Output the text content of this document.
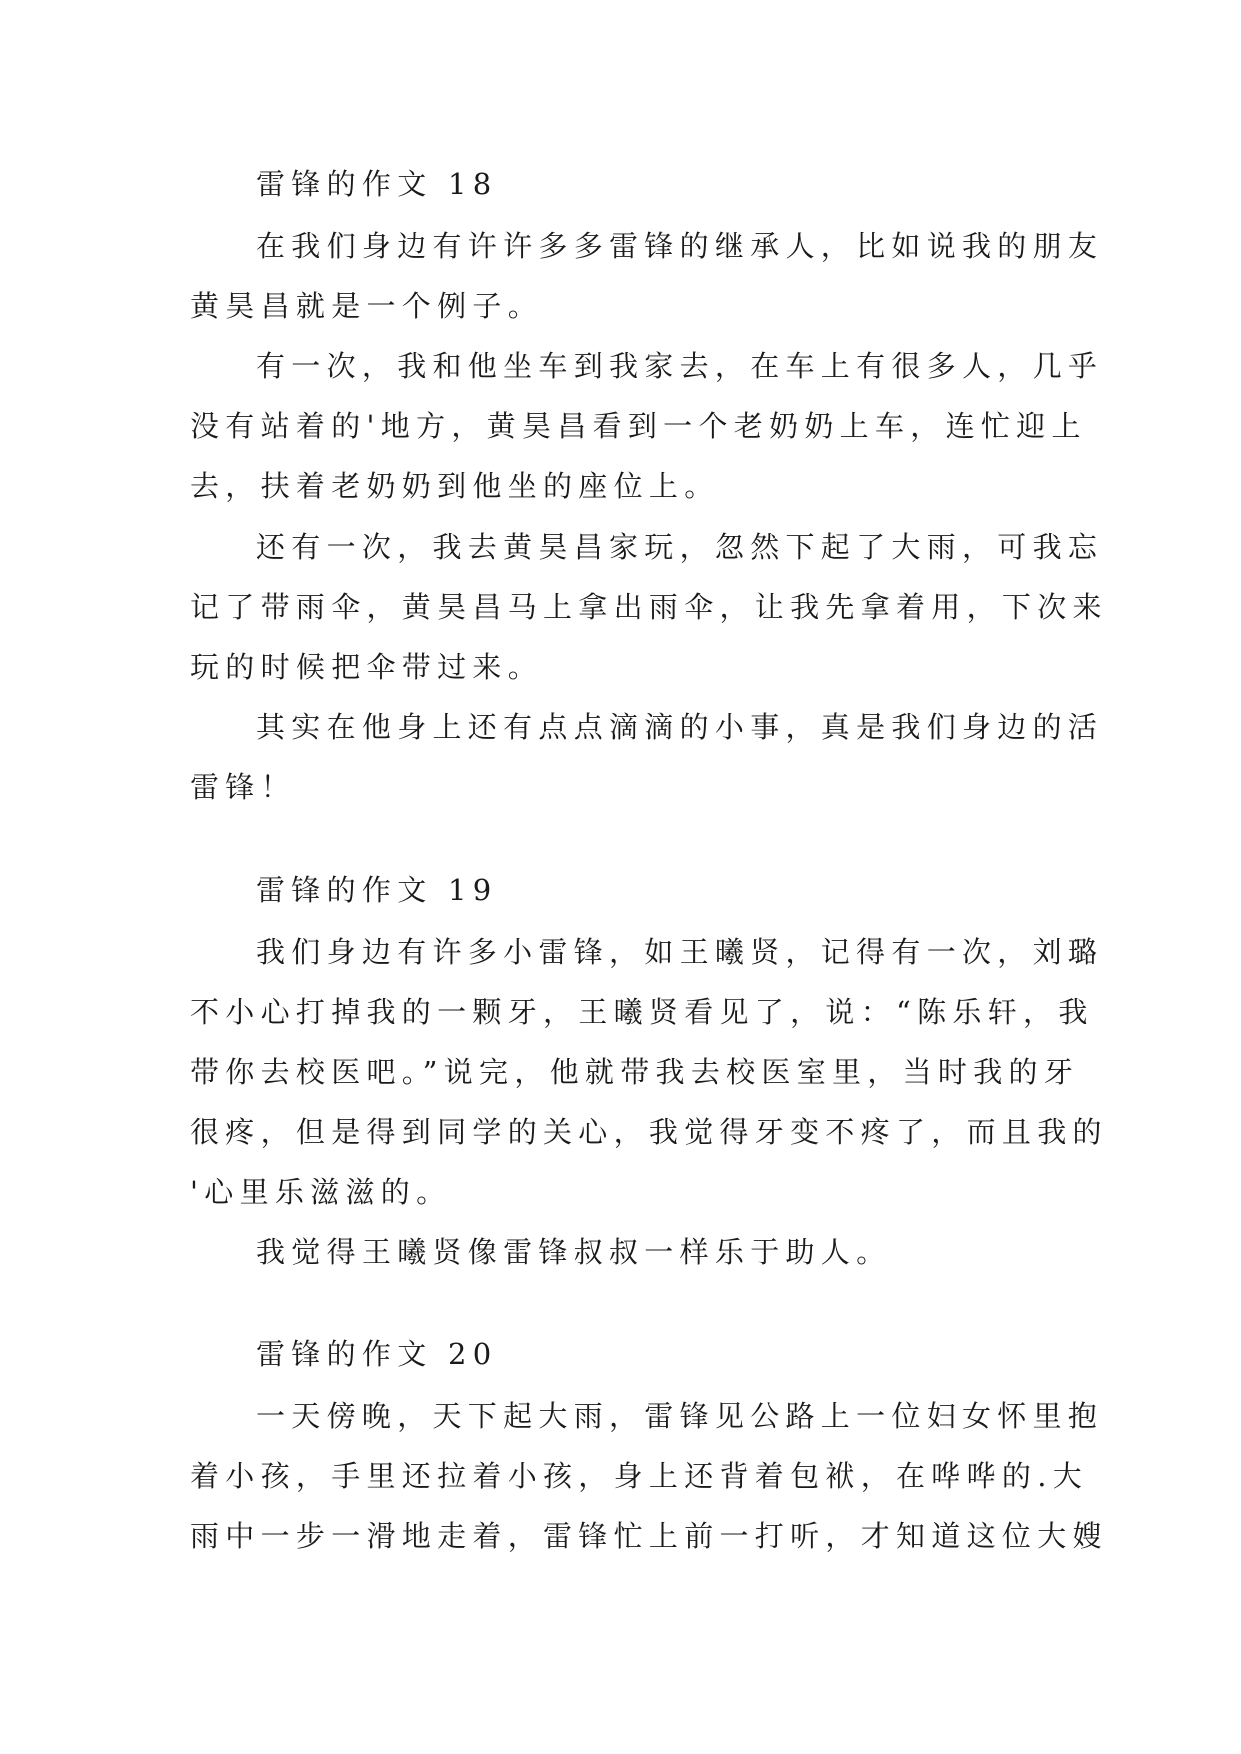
雷锋的作文 18
在我们身边有许许多多雷锋的继承人，比如说我的朋友
黄昊昌就是一个例子。
有一次，我和他坐车到我家去，在车上有很多人，几乎
没有站着的'地方，黄昊昌看到一个老奶奶上车，连忙迎上
去，扶着老奶奶到他坐的座位上。
还有一次，我去黄昊昌家玩，忽然下起了大雨，可我忘
记了带雨伞，黄昊昌马上拿出雨伞，让我先拿着用，下次来
玩的时候把伞带过来。
其实在他身上还有点点滴滴的小事，真是我们身边的活
雷锋！
雷锋的作文 19
我们身边有许多小雷锋，如王曦贤，记得有一次，刘璐
不小心打掉我的一颗牙，王曦贤看见了，说：“陈乐轩，我
带你去校医吧。”说完，他就带我去校医室里，当时我的牙
很疼，但是得到同学的关心，我觉得牙变不疼了，而且我的
'心里乐滋滋的。
我觉得王曦贤像雷锋叔叔一样乐于助人。
雷锋的作文 20
一天傍晚，天下起大雨，雷锋见公路上一位妇女怀里抱
着小孩，手里还拉着小孩，身上还背着包袱，在哗哗的.大
雨中一步一滑地走着，雷锋忙上前一打听，才知道这位大嫂
